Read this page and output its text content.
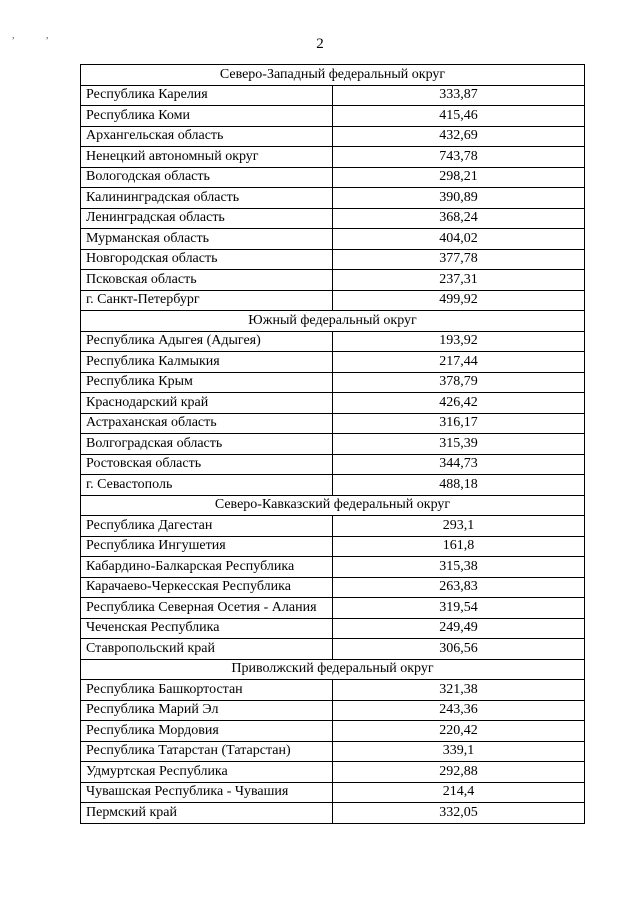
,	,
2
Северо-Западный федеральный округ	
Республика Карелия	333,87
Республика Коми	415,46
Архангельская область	432,69
Ненецкий автономный округ	743,78
Вологодская область	298,21
Калининградская область	390,89
Ленинградская область	368,24
Мурманская область	404,02
Новгородская область	377,78
Псковская область	237,31
г. Санкт-Петербург	499,92
Южный федеральный округ	
Республика Адыгея (Адыгея)	193,92
Республика Калмыкия	217,44
Республика Крым	378,79
Краснодарский край	426,42
Астраханская область	316,17
Волгоградская область	315,39
Ростовская область	344,73
г. Севастополь	488,18
Северо-Кавказский федеральный округ	
Республика Дагестан	293,1
Республика Ингушетия	161,8
Кабардино-Балкарская Республика	315,38
Карачаево-Черкесская Республика	263,83
Республика Северная Осетия - Алания	319,54
Чеченская Республика	249,49
Ставропольский край	306,56
Приволжский федеральный округ	
Республика Башкортостан	321,38
Республика Марий Эл	243,36
Республика Мордовия	220,42
Республика Татарстан (Татарстан)	339,1
Удмуртская Республика	292,88
Чувашская Республика - Чувашия	214,4
Пермский край	332,05
